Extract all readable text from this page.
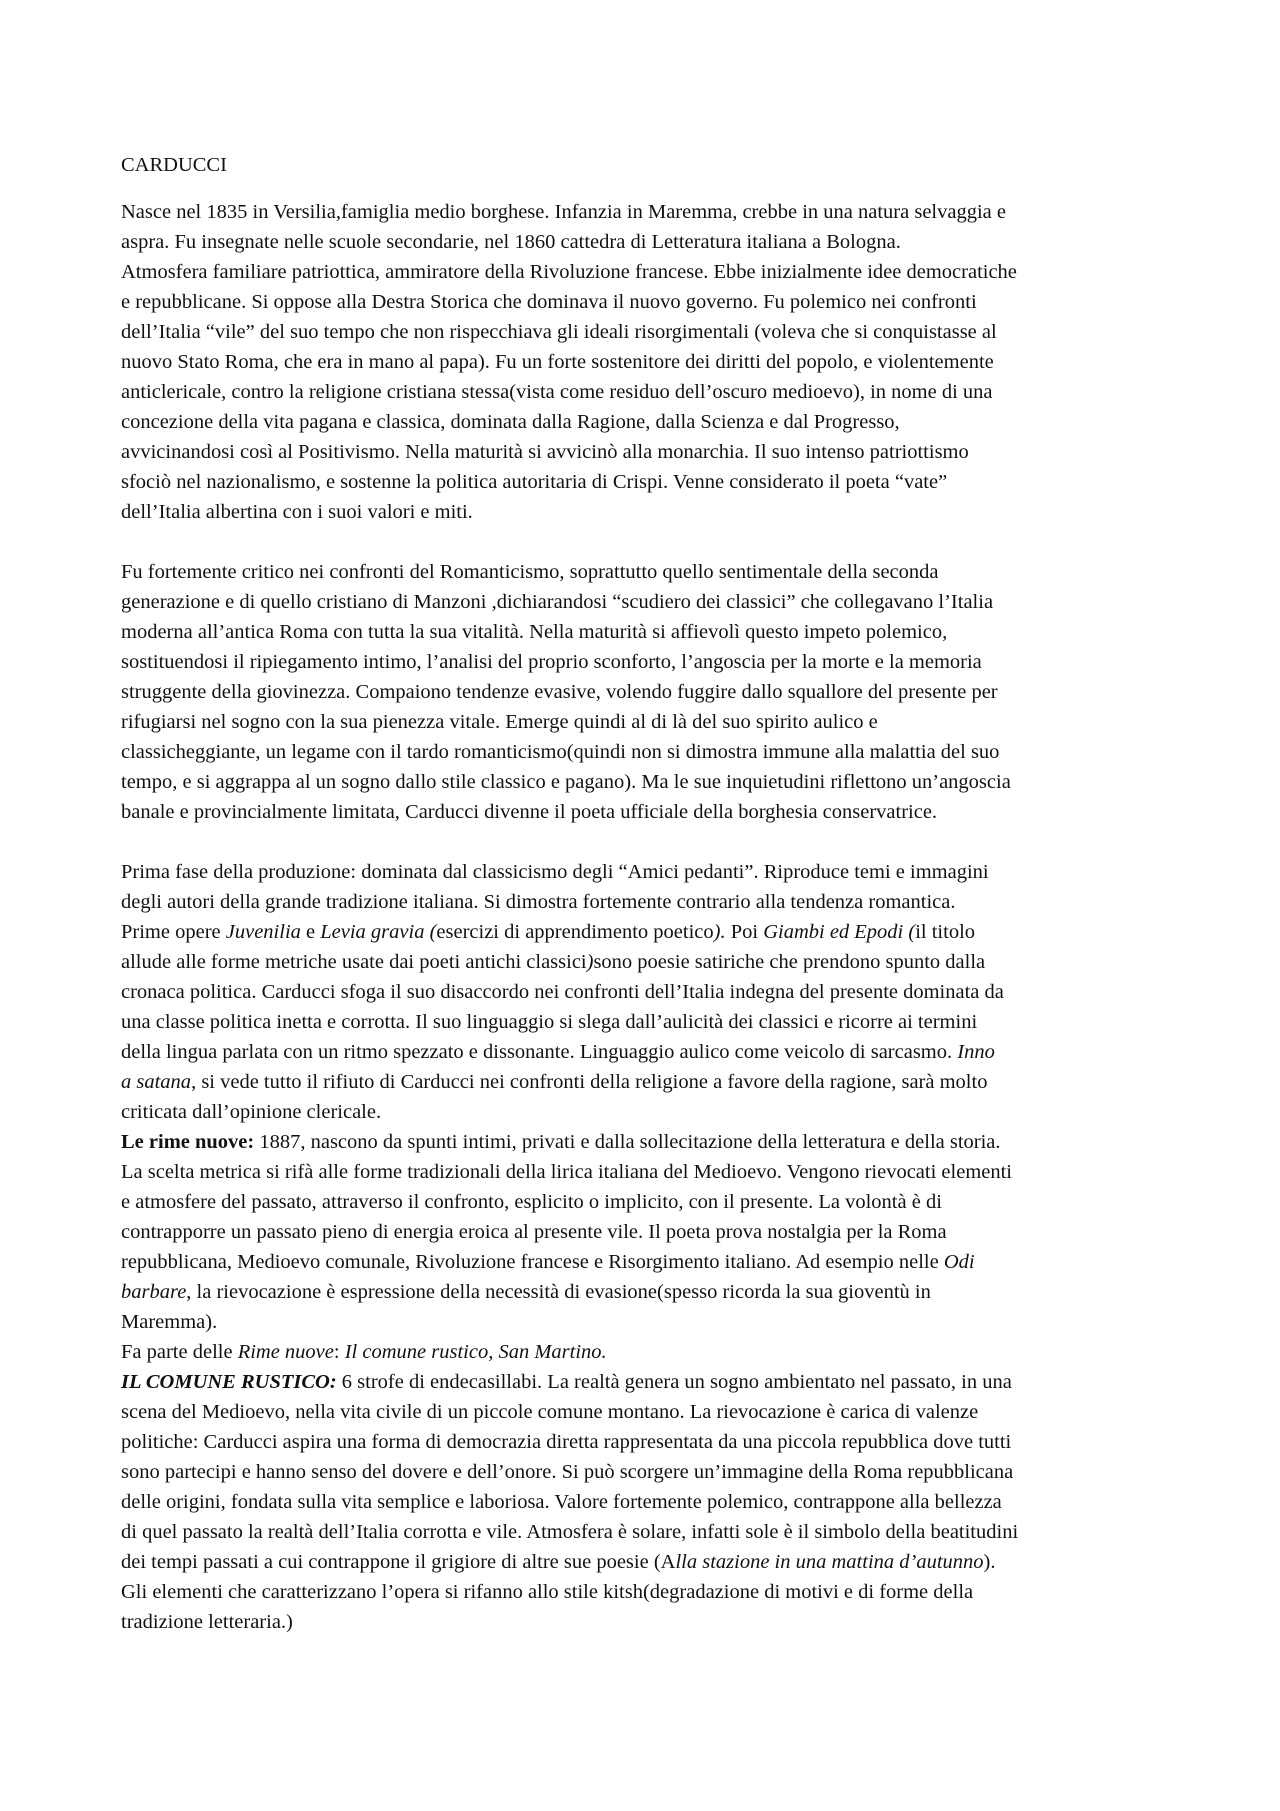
CARDUCCI
Nasce nel 1835 in Versilia,famiglia medio borghese. Infanzia in Maremma, crebbe in una natura selvaggia e
aspra. Fu insegnate nelle scuole secondarie, nel 1860 cattedra di Letteratura italiana a Bologna.
Atmosfera familiare patriottica, ammiratore della Rivoluzione francese. Ebbe inizialmente idee democratiche
e repubblicane. Si oppose alla Destra Storica che dominava il nuovo governo. Fu polemico nei confronti
dell’Italia “vile” del suo tempo che non rispecchiava gli ideali risorgimentali (voleva che si conquistasse al
nuovo Stato Roma, che era in mano al papa). Fu un forte sostenitore dei diritti del popolo, e violentemente
anticlericale, contro la religione cristiana stessa(vista come residuo dell’oscuro medioevo), in nome di una
concezione della vita pagana e classica, dominata dalla Ragione, dalla Scienza e dal Progresso,
avvicinandosi così al Positivismo. Nella maturità si avvicinò alla monarchia. Il suo intenso patriottismo
sfociò nel nazionalismo, e sostenne la politica autoritaria di Crispi. Venne considerato il poeta “vate”
dell’Italia albertina con i suoi valori e miti.
Fu fortemente critico nei confronti del Romanticismo, soprattutto quello sentimentale della seconda
generazione e di quello cristiano di Manzoni ,dichiarandosi “scudiero dei classici” che collegavano l’Italia
moderna all’antica Roma con tutta la sua vitalità. Nella maturità si affievolì questo impeto polemico,
sostituendosi il ripiegamento intimo, l’analisi del proprio sconforto, l’angoscia per la morte e la memoria
struggente della giovinezza. Compaiono tendenze evasive, volendo fuggire dallo squallore del presente per
rifugiarsi nel sogno con la sua pienezza vitale. Emerge quindi al di là del suo spirito aulico e
classicheggiante, un legame con il tardo romanticismo(quindi non si dimostra immune alla malattia del suo
tempo, e si aggrappa al un sogno dallo stile classico e pagano). Ma le sue inquietudini riflettono un’angoscia
banale e provincialmente limitata, Carducci divenne il poeta ufficiale della borghesia conservatrice.
Prima fase della produzione: dominata dal classicismo degli “Amici pedanti”. Riproduce temi e immagini
degli autori della grande tradizione italiana. Si dimostra fortemente contrario alla tendenza romantica.
Prime opere Juvenilia e Levia gravia (esercizi di apprendimento poetico). Poi Giambi ed Epodi (il titolo
allude alle forme metriche usate dai poeti antichi classici)sono poesie satiriche che prendono spunto dalla
cronaca politica. Carducci sfoga il suo disaccordo nei confronti dell’Italia indegna del presente dominata da
una classe politica inetta e corrotta. Il suo linguaggio si slega dall’aulicità dei classici e ricorre ai termini
della lingua parlata con un ritmo spezzato e dissonante. Linguaggio aulico come veicolo di sarcasmo. Inno
a satana, si vede tutto il rifiuto di Carducci nei confronti della religione a favore della ragione, sarà molto
criticata dall’opinione clericale.
Le rime nuove: 1887, nascono da spunti intimi, privati e dalla sollecitazione della letteratura e della storia.
La scelta metrica si rifà alle forme tradizionali della lirica italiana del Medioevo. Vengono rievocati elementi
e atmosfere del passato, attraverso il confronto, esplicito o implicito, con il presente. La volontà è di
contrapporre un passato pieno di energia eroica al presente vile. Il poeta prova nostalgia per la Roma
repubblicana, Medioevo comunale, Rivoluzione francese e Risorgimento italiano. Ad esempio nelle Odi
barbare, la rievocazione è espressione della necessità di evasione(spesso ricorda la sua gioventù in
Maremma).
Fa parte delle Rime nuove: Il comune rustico, San Martino.
IL COMUNE RUSTICO: 6 strofe di endecasillabi. La realtà genera un sogno ambientato nel passato, in una
scena del Medioevo, nella vita civile di un piccole comune montano. La rievocazione è carica di valenze
politiche: Carducci aspira una forma di democrazia diretta rappresentata da una piccola repubblica dove tutti
sono partecipi e hanno senso del dovere e dell’onore. Si può scorgere un’immagine della Roma repubblicana
delle origini, fondata sulla vita semplice e laboriosa. Valore fortemente polemico, contrappone alla bellezza
di quel passato la realtà dell’Italia corrotta e vile. Atmosfera è solare, infatti sole è il simbolo della beatitudini
dei tempi passati a cui contrappone il grigiore di altre sue poesie (Alla stazione in una mattina d’autunno).
Gli elementi che caratterizzano l’opera si rifanno allo stile kitsh(degradazione di motivi e di forme della
tradizione letteraria.)
